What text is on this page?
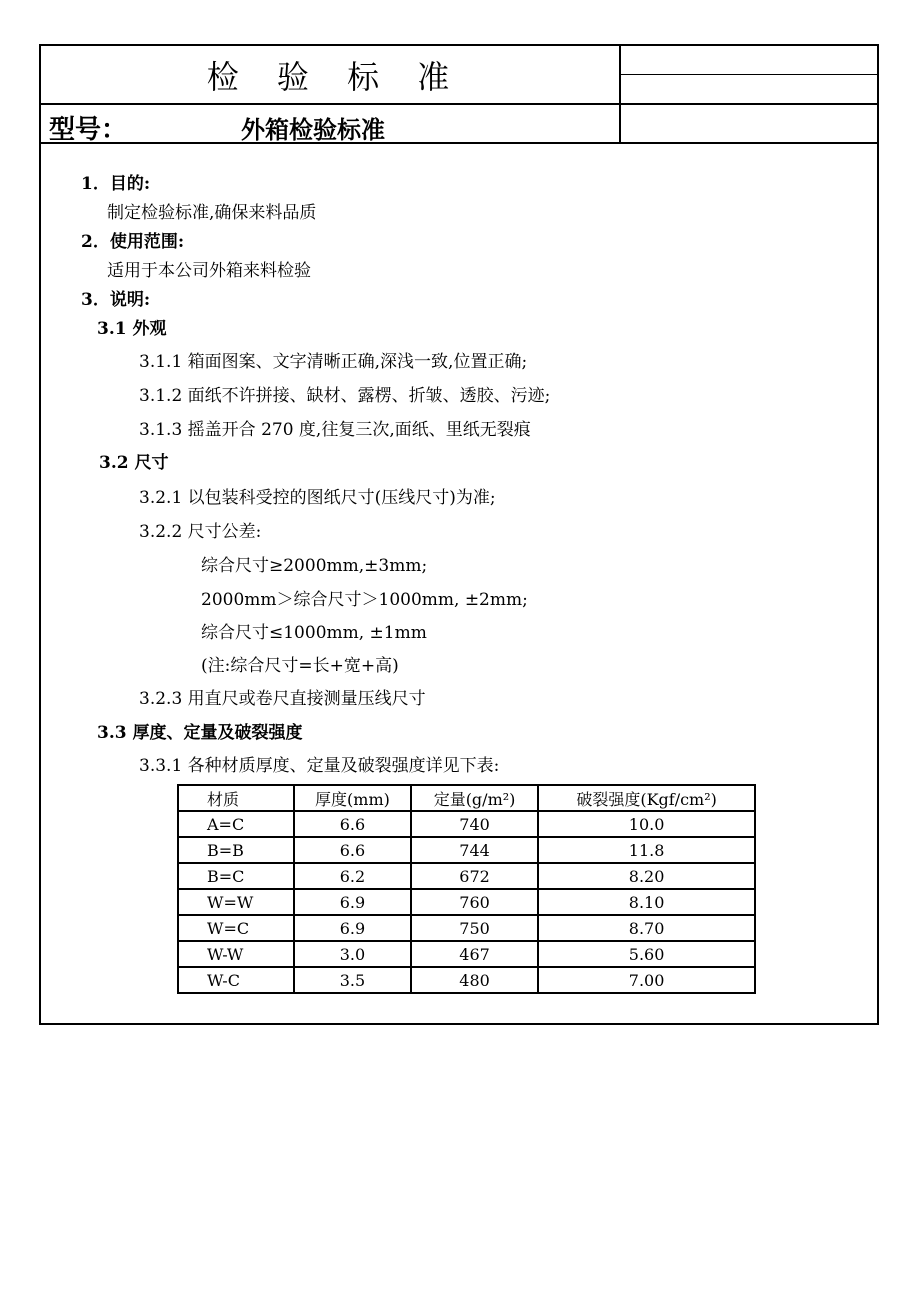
检 验 标 准
型号：	外箱检验标准
1．目的:
制定检验标准,确保来料品质
2．使用范围:
适用于本公司外箱来料检验
3．说明:
3.1 外观
3.1.1 箱面图案、文字清晰正确,深浅一致,位置正确;
3.1.2 面纸不许拼接、缺材、露楞、折皱、透胶、污迹;
3.1.3 摇盖开合 270 度,往复三次,面纸、里纸无裂痕
3.2 尺寸
3.2.1 以包装科受控的图纸尺寸(压线尺寸)为准;
3.2.2 尺寸公差:
综合尺寸≥2000mm,±3mm;
2000mm＞综合尺寸＞1000mm, ±2mm;
综合尺寸≤1000mm, ±1mm
(注:综合尺寸=长+宽+高)
3.2.3 用直尺或卷尺直接测量压线尺寸
3.3 厚度、定量及破裂强度
3.3.1 各种材质厚度、定量及破裂强度详见下表:
材质	厚度(mm)	定量(g/m²)	破裂强度(Kgf/cm²)
A=C	6.6	740	10.0
B=B	6.6	744	11.8
B=C	6.2	672	8.20
W=W	6.9	760	8.10
W=C	6.9	750	8.70
W-W	3.0	467	5.60
W-C	3.5	480	7.00
